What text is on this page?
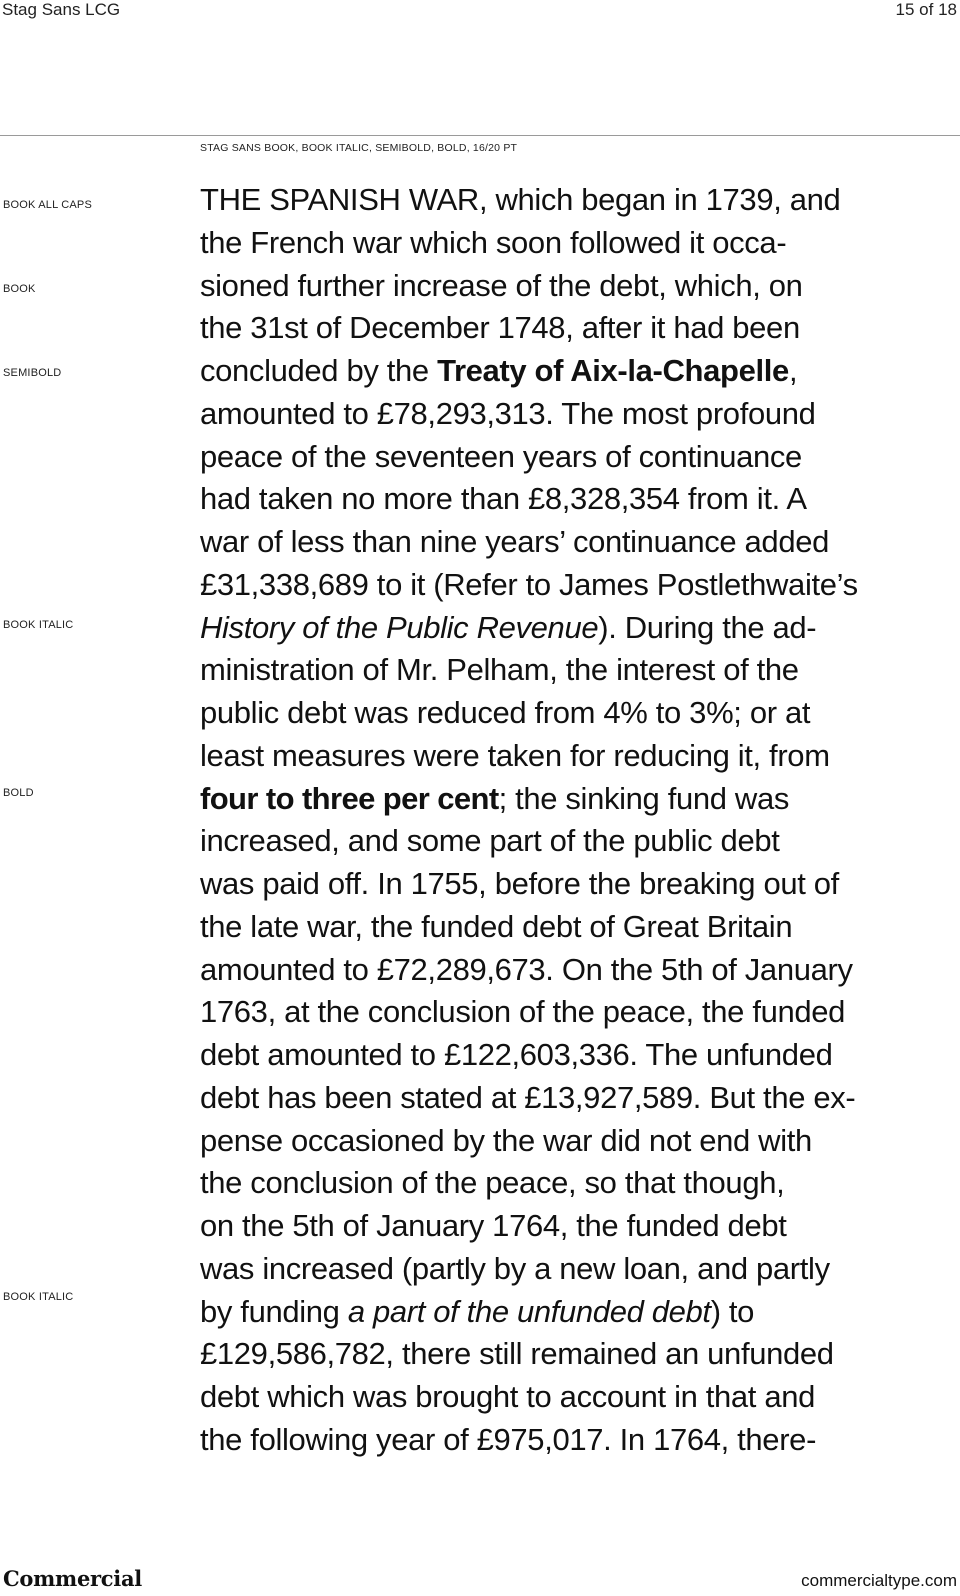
Stag Sans LCG	15 of 18
STAG SANS BOOK, BOOK ITALIC, SEMIBOLD, BOLD, 16/20 PT
BOOK ALL CAPS
BOOK
SEMIBOLD
BOOK ITALIC
BOLD
BOOK ITALIC
THE SPANISH WAR, which began in 1739, and
the French war which soon followed it occa-
sioned further increase of the debt, which, on
the 31st of December 1748, after it had been
concluded by the Treaty of Aix-la-Chapelle,
amounted to £78,293,313. The most profound
peace of the seventeen years of continuance
had taken no more than £8,328,354 from it. A
war of less than nine years’ continuance added
£31,338,689 to it (Refer to James Postlethwaite’s
History of the Public Revenue). During the ad-
ministration of Mr. Pelham, the interest of the
public debt was reduced from 4% to 3%; or at
least measures were taken for reducing it, from
four to three per cent; the sinking fund was
increased, and some part of the public debt
was paid off. In 1755, before the breaking out of
the late war, the funded debt of Great Britain
amounted to £72,289,673. On the 5th of January
1763, at the conclusion of the peace, the funded
debt amounted to £122,603,336. The unfunded
debt has been stated at £13,927,589. But the ex-
pense occasioned by the war did not end with
the conclusion of the peace, so that though,
on the 5th of January 1764, the funded debt
was increased (partly by a new loan, and partly
by funding a part of the unfunded debt) to
£129,586,782, there still remained an unfunded
debt which was brought to account in that and
the following year of £975,017. In 1764, there-
Commercial	commercialtype.com
